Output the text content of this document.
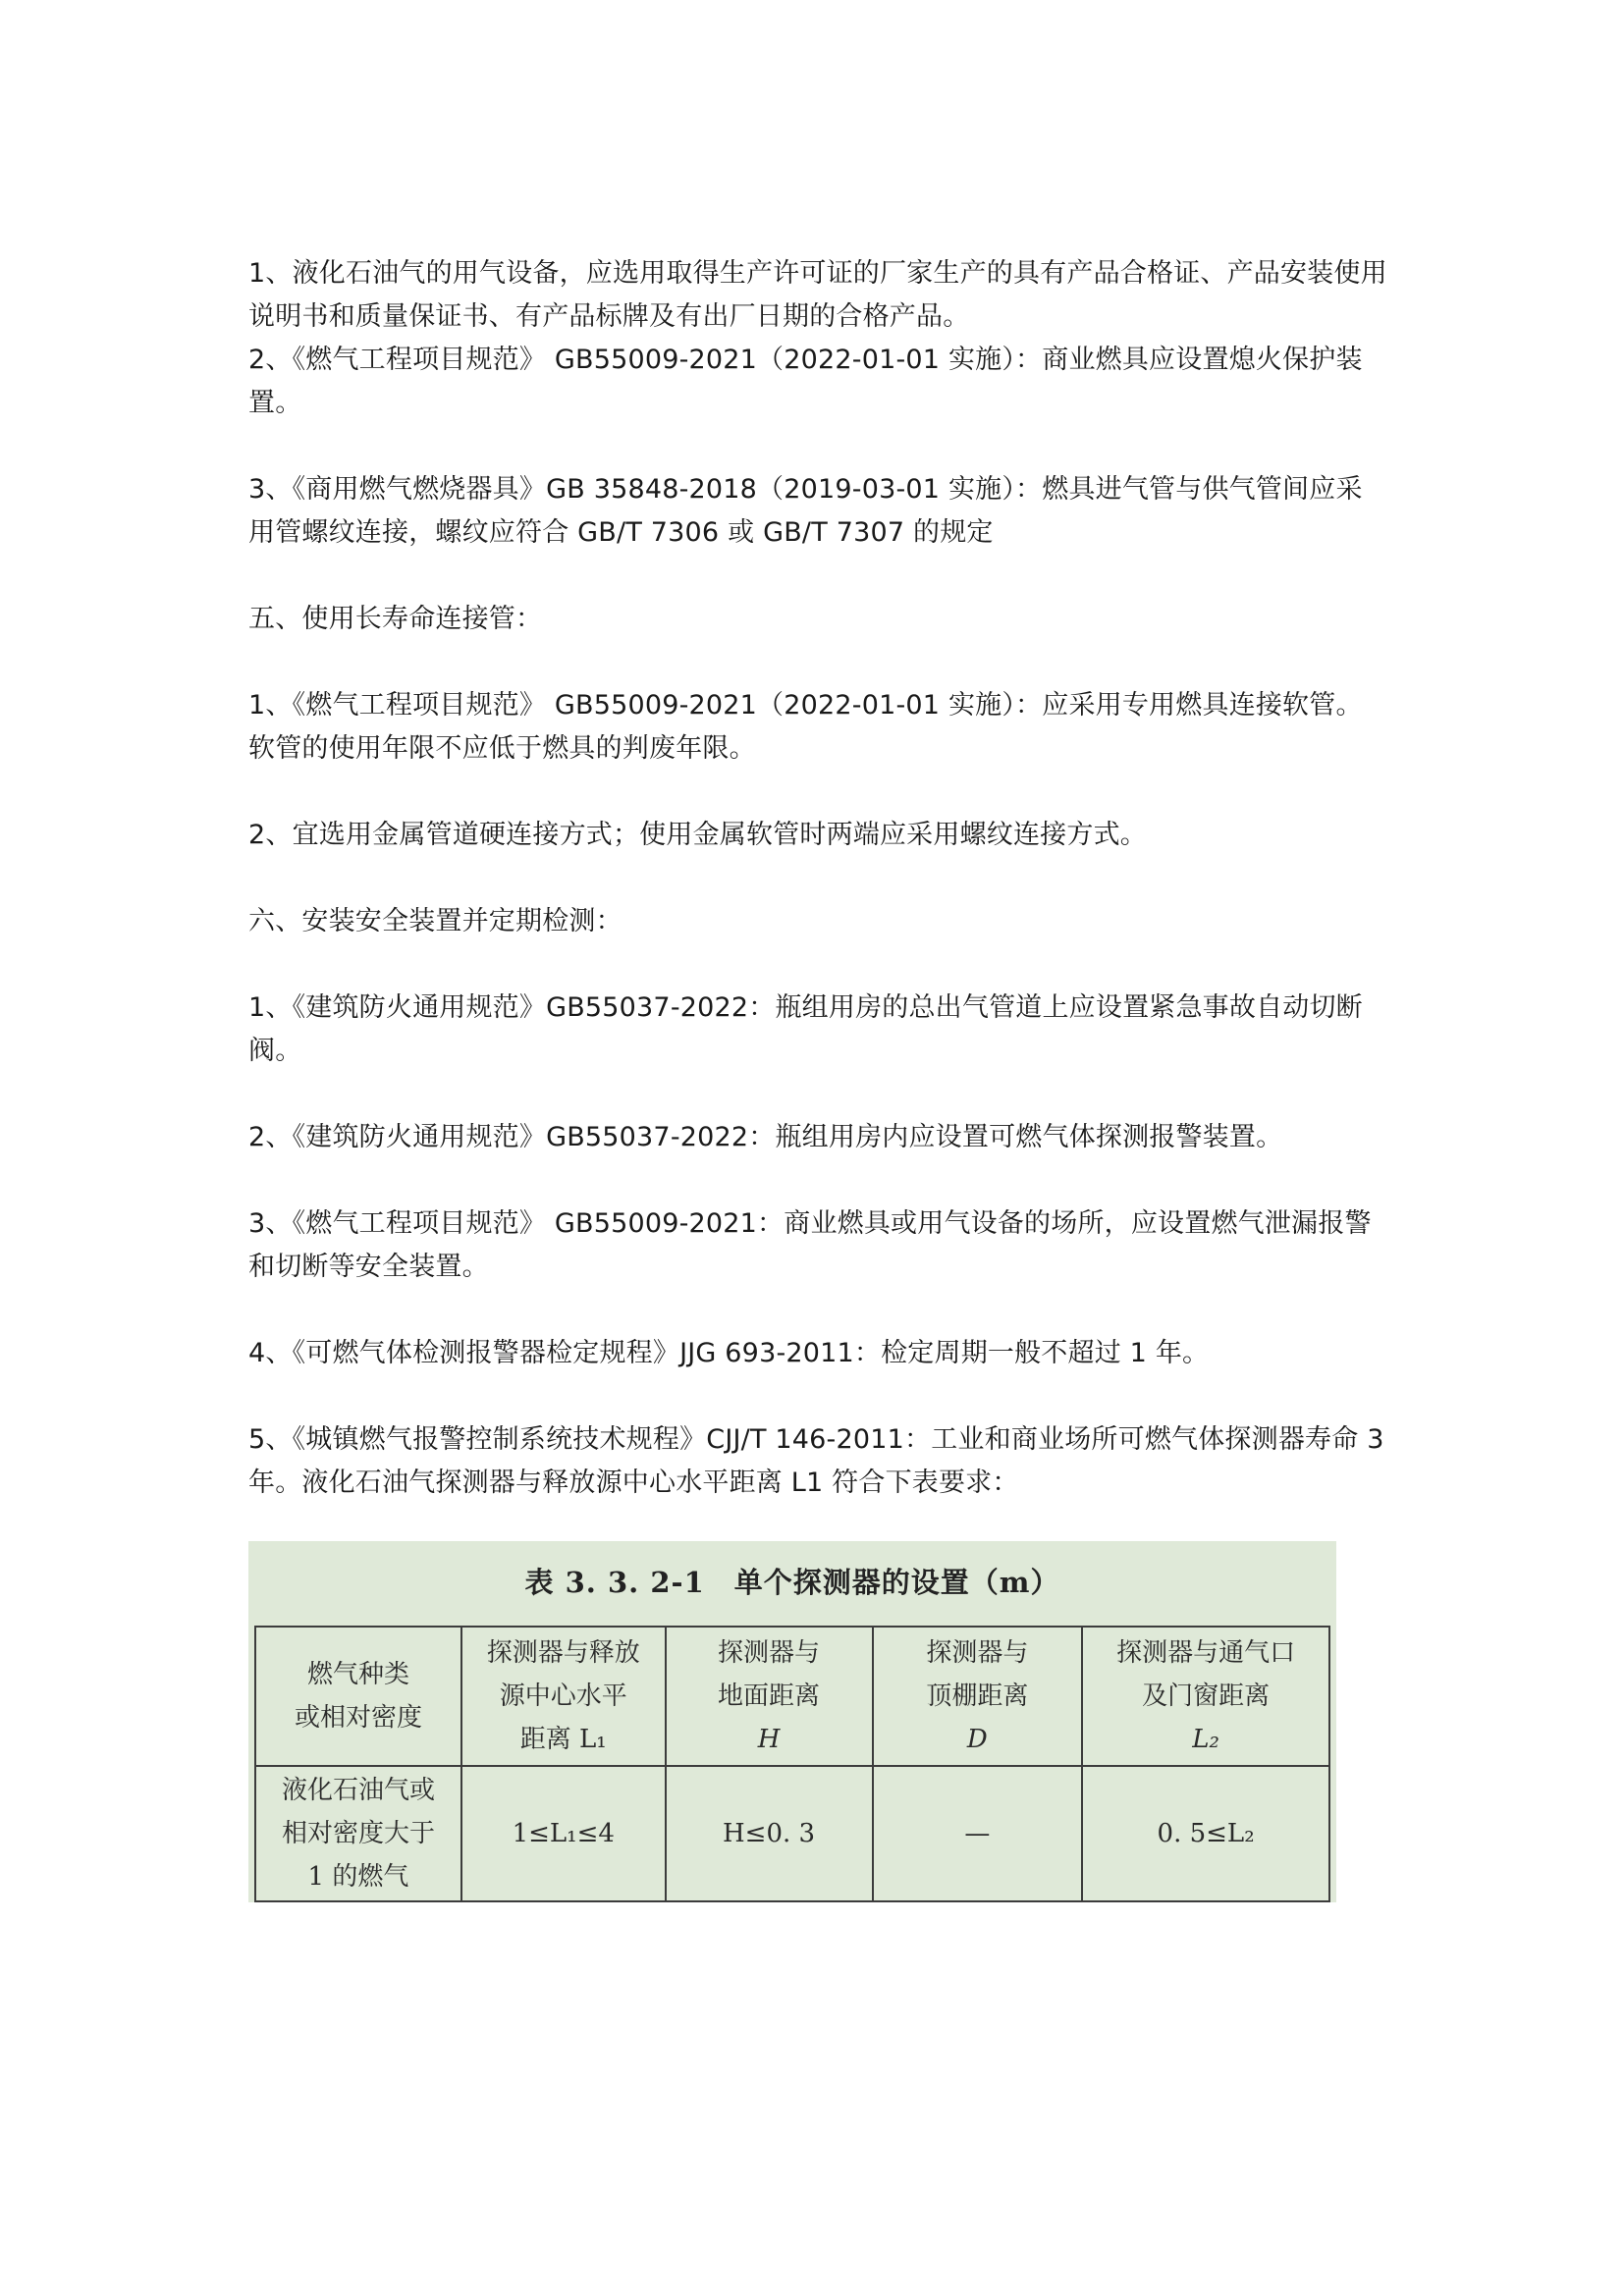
1、液化石油气的用气设备，应选用取得生产许可证的厂家生产的具有产品合格证、产品安装使用说明书和质量保证书、有产品标牌及有出厂日期的合格产品。

2、《燃气工程项目规范》 GB55009-2021（2022-01-01 实施）：商业燃具应设置熄火保护装置。

3、《商用燃气燃烧器具》GB 35848-2018（2019-03-01 实施）：燃具进气管与供气管间应采用管螺纹连接，螺纹应符合 GB/T 7306 或 GB/T 7307 的规定

五、使用长寿命连接管：

1、《燃气工程项目规范》 GB55009-2021（2022-01-01 实施）：应采用专用燃具连接软管。软管的使用年限不应低于燃具的判废年限。

2、宜选用金属管道硬连接方式；使用金属软管时两端应采用螺纹连接方式。

六、安装安全装置并定期检测：

1、《建筑防火通用规范》GB55037-2022：瓶组用房的总出气管道上应设置紧急事故自动切断阀。

2、《建筑防火通用规范》GB55037-2022：瓶组用房内应设置可燃气体探测报警装置。

3、《燃气工程项目规范》 GB55009-2021：商业燃具或用气设备的场所，应设置燃气泄漏报警和切断等安全装置。

4、《可燃气体检测报警器检定规程》JJG 693-2011：检定周期一般不超过 1 年。

5、《城镇燃气报警控制系统技术规程》CJJ/T 146-2011：工业和商业场所可燃气体探测器寿命 3 年。液化石油气探测器与释放源中心水平距离 L1 符合下表要求：

表 3. 3. 2-1　单个探测器的设置（m）
燃气种类
或相对密度	探测器与释放
源中心水平
距离 L₁	探测器与
地面距离
H	探测器与
顶棚距离
D	探测器与通气口
及门窗距离
L₂

液化石油气或
相对密度大于
1 的燃气	1≤L₁≤4	H≤0. 3	—	0. 5≤L₂
